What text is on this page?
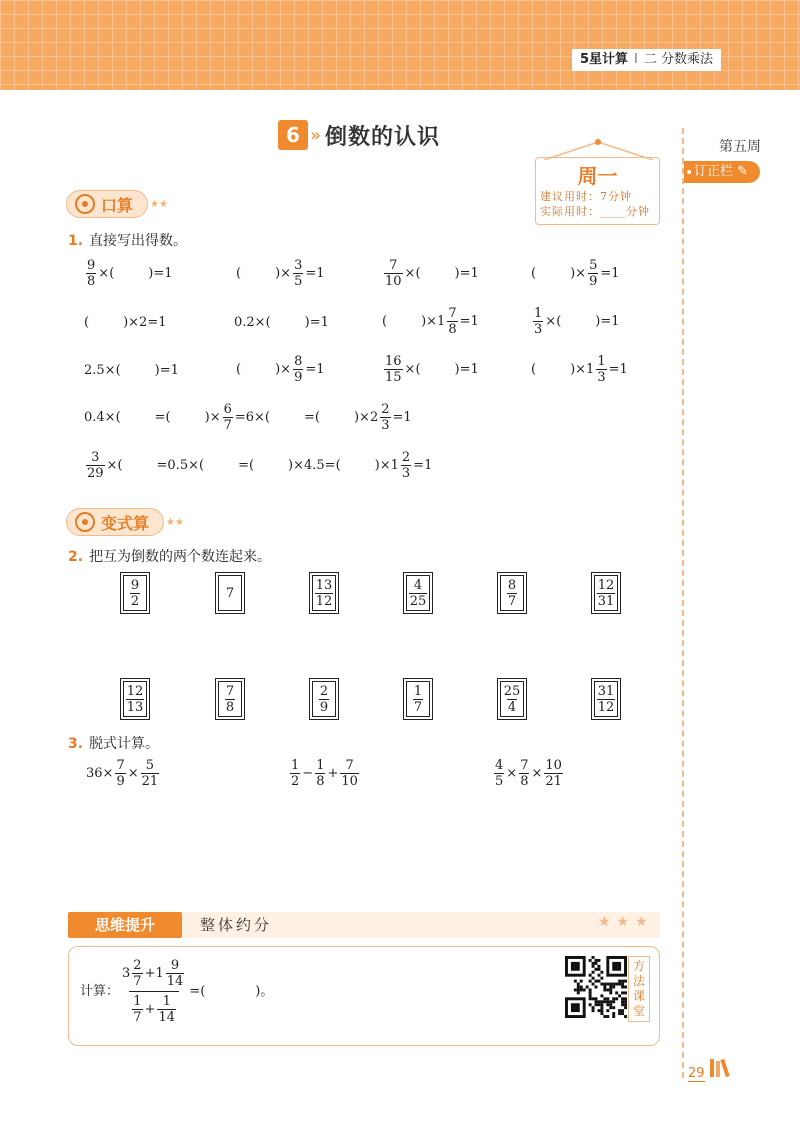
5星计算 I 二 分数乘法
第五周
订正栏 ✎
6 » 倒数的认识
周一
建议用时：7分钟
实际用时：____分钟
口算 ★★
1. 直接写出得数。
$\frac{9}{8}$ × (	) =1	(	) × $\frac{3}{5} =1$	$\frac{7}{10}$ × (	) =1	(	) × $\frac{5}{9} =1$
(	)×2=1	0.2×(	) =1	(	)$\times 1 \frac{7}{8} =1$	$\frac{1}{3}$ × (	) =1
2.5×(	) =1	(	) × $\frac{8}{9} =1$	$\frac{16}{15}$ × (	) =1	(	)$\times 1 \frac{1}{3} =1$
0.4×(	=(	) × $\frac{6}{7} =6\times$(	=(	)$\times 2 \frac{2}{3} =1$
$\frac{3}{29}$ × (	=0.5×(	=(	)×4.5=(	)$\times 1 \frac{2}{3} =1$
变式算 ★★
2. 把互为倒数的两个数连起来。
$\frac{9}{2}$	7	$\frac{13}{12}$	$\frac{4}{25}$	$\frac{8}{7}$	$\frac{12}{31}$
$\frac{12}{13}$	$\frac{7}{8}$	$\frac{2}{9}$	$\frac{1}{7}$	$\frac{25}{4}$	$\frac{31}{12}$
3. 脱式计算。
$36\times \frac{7}{9} \times \frac{5}{21}$	$\frac{1}{2} - \frac{1}{8} + \frac{7}{10}$	$\frac{4}{5} \times \frac{7}{8} \times \frac{10}{21}$
思维提升	整体约分	★★★
计算： $\frac{3 \frac{2}{7} + 1 \frac{9}{14}}{\frac{1}{7} + \frac{1}{14}}$ =(	)。
方法课堂
29
